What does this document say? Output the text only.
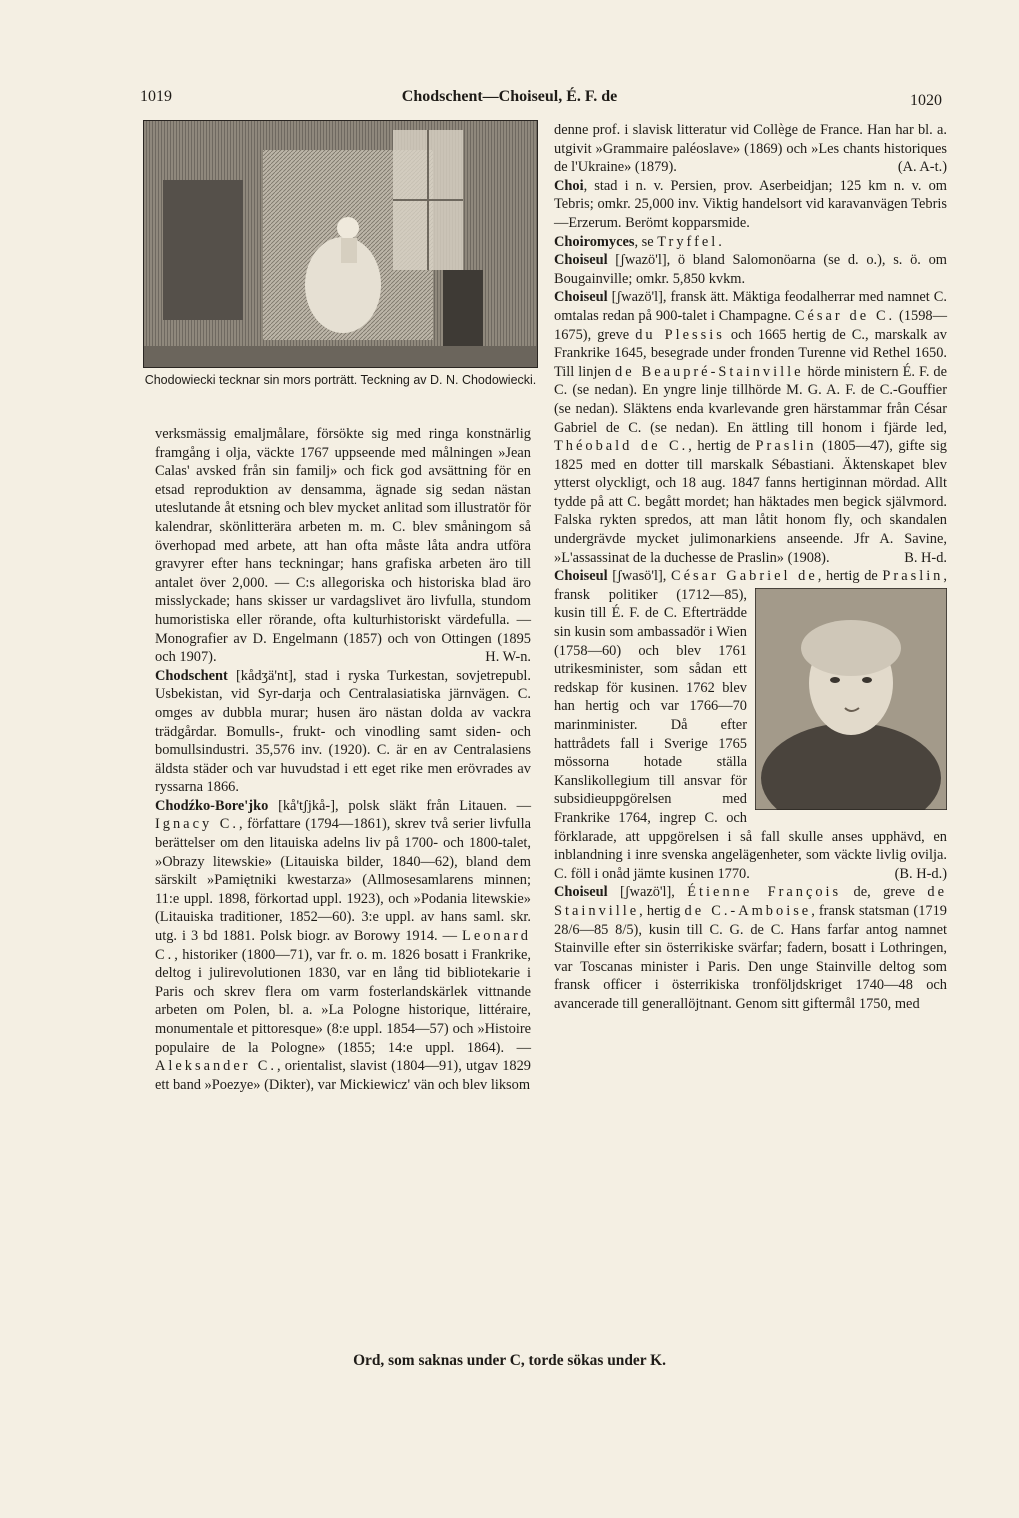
1019	Chodschent—Choiseul, É. F. de	1020
Chodowiecki tecknar sin mors porträtt. Teckning av D. N. Chodowiecki.

verksmässig emaljmålare, försökte sig med ringa konstnärlig framgång i olja, väckte 1767 uppseende med målningen »Jean Calas' avsked från sin familj» och fick god avsättning för en etsad reproduktion av densamma, ägnade sig sedan nästan uteslutande åt etsning och blev mycket anlitad som illustratör för kalendrar, skönlitterära arbeten m. m. C. blev småningom så överhopad med arbete, att han ofta måste låta andra utföra gravyrer efter hans teckningar; hans grafiska arbeten äro till antalet över 2,000. — C:s allegoriska och historiska blad äro misslyckade; hans skisser ur vardagslivet äro livfulla, stundom humoristiska eller rörande, ofta kulturhistoriskt värdefulla. — Monografier av D. Engelmann (1857) och von Ottingen (1895 och 1907).	H. W-n.

Chodschent [kådʒä'nt], stad i ryska Turkestan, sovjetrepubl. Usbekistan, vid Syr-darja och Centralasiatiska järnvägen. C. omges av dubbla murar; husen äro nästan dolda av vackra trädgårdar. Bomulls-, frukt- och vinodling samt siden- och bomullsindustri. 35,576 inv. (1920). C. är en av Centralasiens äldsta städer och var huvudstad i ett eget rike men erövrades av ryssarna 1866.

Chodźko-Bore'jko [kå'tʃjkå-], polsk släkt från Litauen. — Ignacy C., författare (1794—1861), skrev två serier livfulla berättelser om den litauiska adelns liv på 1700- och 1800-talet, »Obrazy litewskie» (Litauiska bilder, 1840—62), bland dem särskilt »Pamiętniki kwestarza» (Allmosesamlarens minnen; 11:e uppl. 1898, förkortad uppl. 1923), och »Podania litewskie» (Litauiska traditioner, 1852—60). 3:e uppl. av hans saml. skr. utg. i 3 bd 1881. Polsk biogr. av Borowy 1914. — Leonard C., historiker (1800—71), var fr. o. m. 1826 bosatt i Frankrike, deltog i julirevolutionen 1830, var en lång tid bibliotekarie i Paris och skrev flera om varm fosterlandskärlek vittnande arbeten om Polen, bl. a. »La Pologne historique, littéraire, monumentale et pittoresque» (8:e uppl. 1854—57) och »Histoire populaire de la Pologne» (1855; 14:e uppl. 1864). — Aleksander C., orientalist, slavist (1804—91), utgav 1829 ett band »Poezye» (Dikter), var Mickiewicz' vän och blev liksom

denne prof. i slavisk litteratur vid Collège de France. Han har bl. a. utgivit »Grammaire paléoslave» (1869) och »Les chants historiques de l'Ukraine» (1879).	(A. A-t.)

Choi, stad i n. v. Persien, prov. Aserbeidjan; 125 km n. v. om Tebris; omkr. 25,000 inv. Viktig handelsort vid karavanvägen Tebris—Erzerum. Berömt kopparsmide.

Choiromyces, se Tryffel.

Choiseul [ʃwazö'l], ö bland Salomonöarna (se d. o.), s. ö. om Bougainville; omkr. 5,850 kvkm.

Choiseul [ʃwazö'l], fransk ätt. Mäktiga feodalherrar med namnet C. omtalas redan på 900-talet i Champagne. César de C. (1598—1675), greve du Plessis och 1665 hertig de C., marskalk av Frankrike 1645, besegrade under fronden Turenne vid Rethel 1650. Till linjen de Beaupré-Stainville hörde ministern É. F. de C. (se nedan). En yngre linje tillhörde M. G. A. F. de C.-Gouffier (se nedan). Släktens enda kvarlevande gren härstammar från César Gabriel de C. (se nedan). En ättling till honom i fjärde led, Théobald de C., hertig de Praslin (1805—47), gifte sig 1825 med en dotter till marskalk Sébastiani. Äktenskapet blev ytterst olyckligt, och 18 aug. 1847 fanns hertiginnan mördad. Allt tydde på att C. begått mordet; han häktades men begick självmord. Falska rykten spredos, att man låtit honom fly, och skandalen undergrävde mycket julimonarkiens anseende. Jfr A. Savine, »L'assassinat de la duchesse de Praslin» (1908).	B. H-d.

Choiseul [ʃwasö'l], César Gabriel de, hertig de Praslin
, fransk politiker (1712—85), kusin till É. F. de C. Efterträdde sin kusin som ambassadör i Wien (1758—60) och blev 1761 utrikesminister, som sådan ett redskap för kusinen. 1762 blev han hertig och var 1766—70 marinminister. Då efter hattrådets fall i Sverige 1765 mössorna hotade ställa Kanslikollegium till ansvar för subsidieuppgörelsen med Frankrike 1764, ingrep C. och förklarade, att uppgörelsen i så fall skulle anses upphävd, en inblandning i inre svenska angelägenheter, som väckte livlig ovilja. C. föll i onåd jämte kusinen 1770.	(B. H-d.)

Choiseul [ʃwazö'l], Étienne François de, greve de Stainville, hertig de C.-Amboise, fransk statsman (1719 28/6—85 8/5), kusin till C. G. de C. Hans farfar antog namnet Stainville efter sin österrikiske svärfar; fadern, bosatt i Lothringen, var Toscanas minister i Paris. Den unge Stainville deltog som fransk officer i österrikiska tronföljdskriget 1740—48 och avancerade till generallöjtnant. Genom sitt giftermål 1750, med

Ord, som saknas under C, torde sökas under K.
